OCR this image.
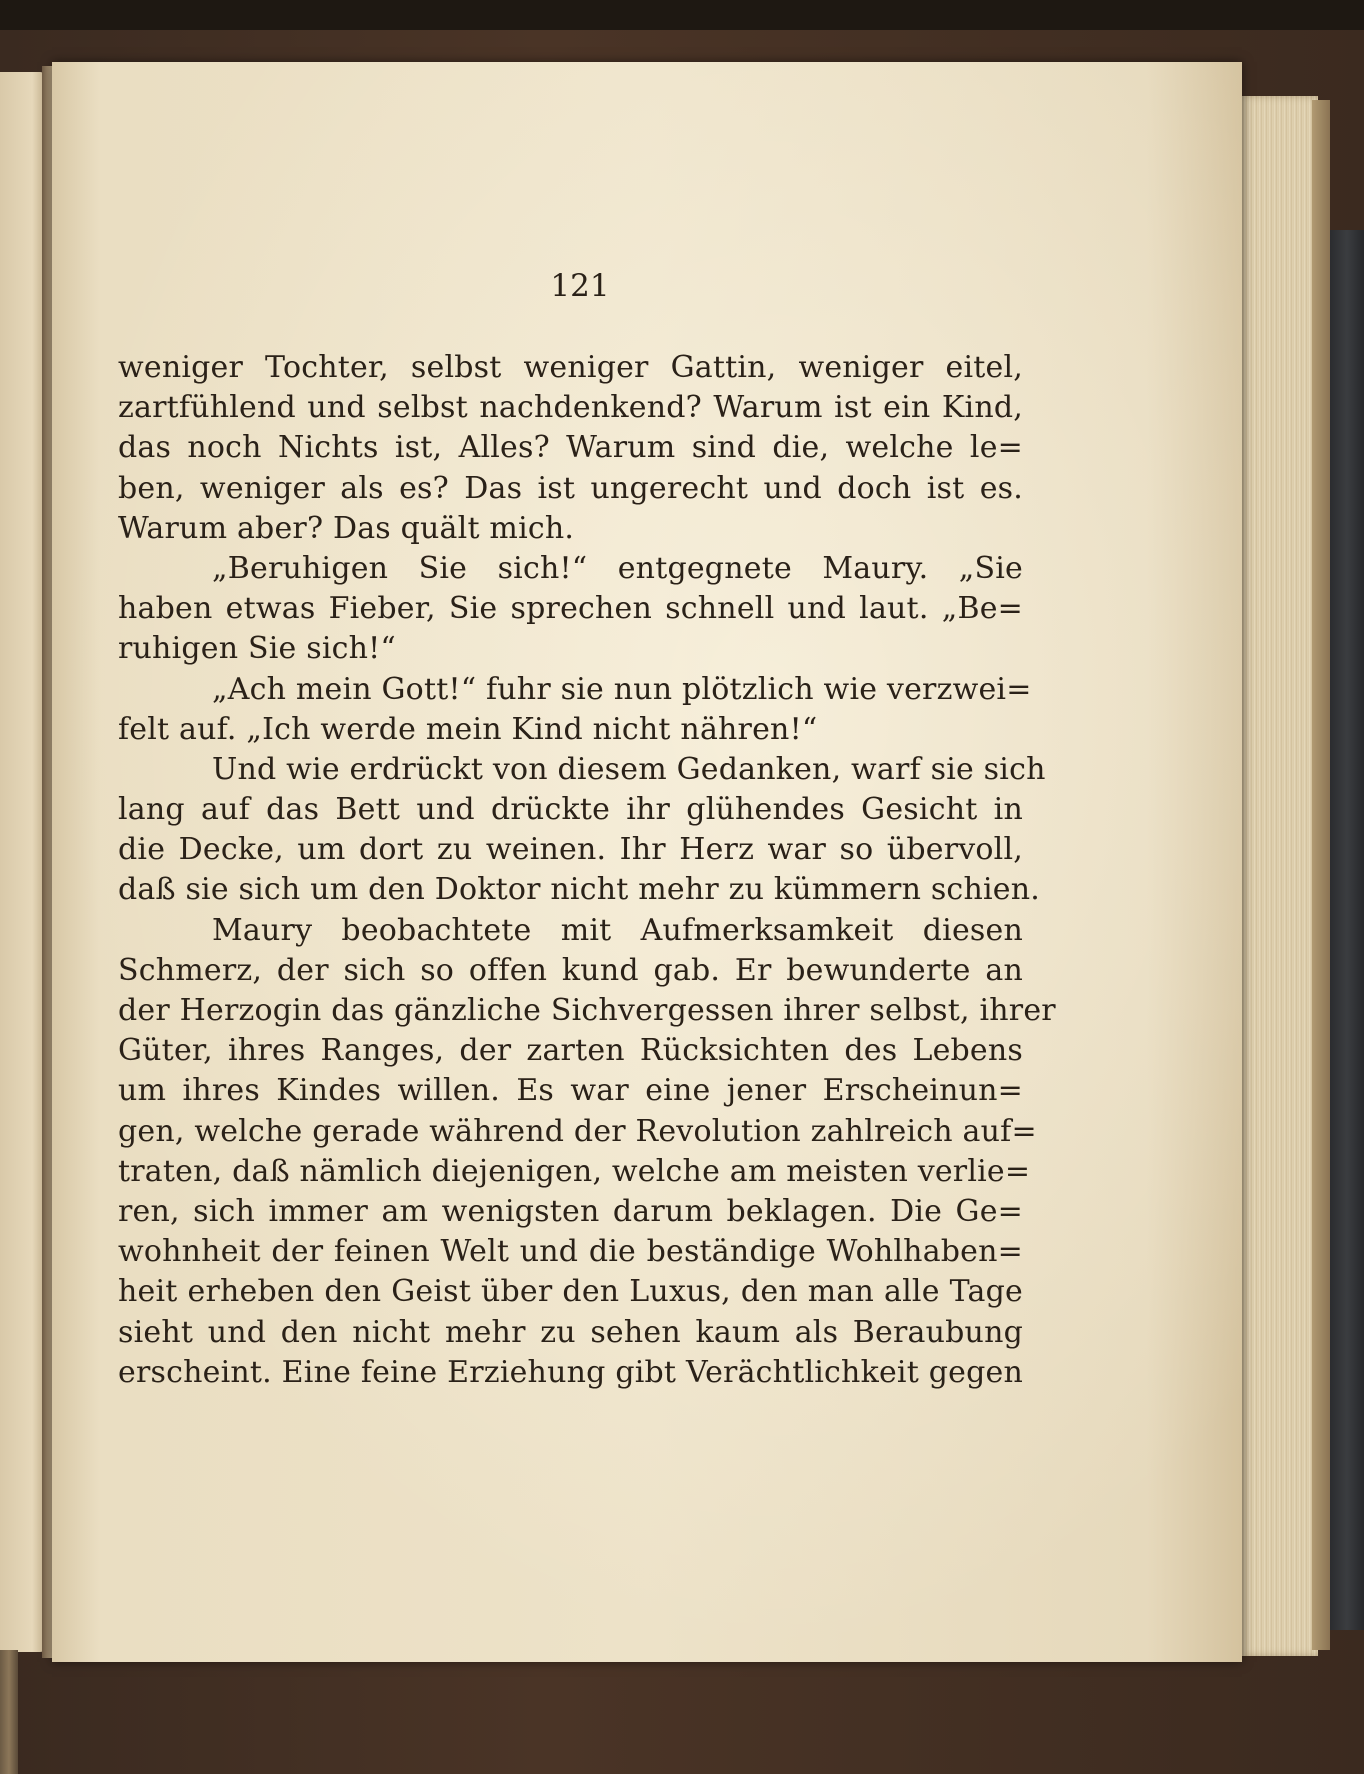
121
weniger Tochter, selbst weniger Gattin, weniger eitel,
zartfühlend und selbst nachdenkend? Warum ist ein Kind,
das noch Nichts ist, Alles? Warum sind die, welche le=
ben, weniger als es? Das ist ungerecht und doch ist es.
Warum aber? Das quält mich.
„Beruhigen Sie sich!“ entgegnete Maury. „Sie
haben etwas Fieber, Sie sprechen schnell und laut. „Be=
ruhigen Sie sich!“
„Ach mein Gott!“ fuhr sie nun plötzlich wie verzwei=
felt auf. „Ich werde mein Kind nicht nähren!“
Und wie erdrückt von diesem Gedanken, warf sie sich
lang auf das Bett und drückte ihr glühendes Gesicht in
die Decke, um dort zu weinen. Ihr Herz war so übervoll,
daß sie sich um den Doktor nicht mehr zu kümmern schien.
Maury beobachtete mit Aufmerksamkeit diesen
Schmerz, der sich so offen kund gab. Er bewunderte an
der Herzogin das gänzliche Sichvergessen ihrer selbst, ihrer
Güter, ihres Ranges, der zarten Rücksichten des Lebens
um ihres Kindes willen. Es war eine jener Erscheinun=
gen, welche gerade während der Revolution zahlreich auf=
traten, daß nämlich diejenigen, welche am meisten verlie=
ren, sich immer am wenigsten darum beklagen. Die Ge=
wohnheit der feinen Welt und die beständige Wohlhaben=
heit erheben den Geist über den Luxus, den man alle Tage
sieht und den nicht mehr zu sehen kaum als Beraubung
erscheint. Eine feine Erziehung gibt Verächtlichkeit gegen
